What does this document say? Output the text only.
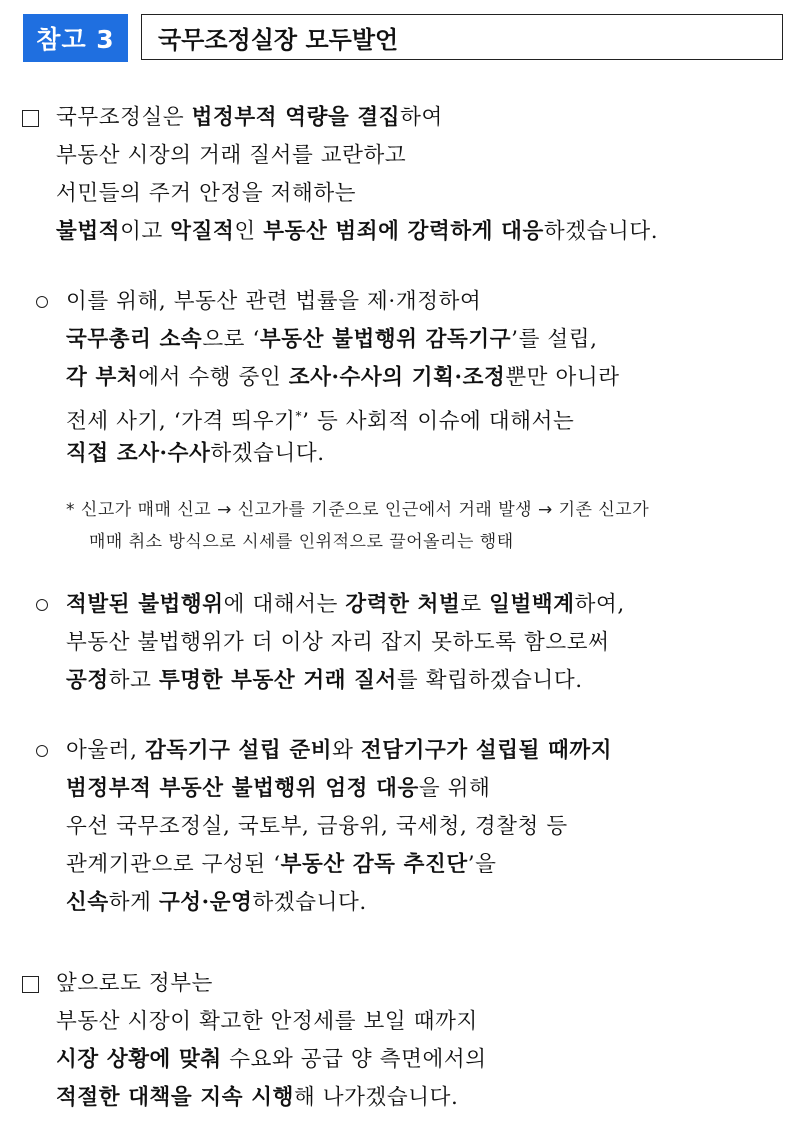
참고 3	국무조정실장 모두발언
국무조정실은 법정부적 역량을 결집하여
부동산 시장의 거래 질서를 교란하고
서민들의 주거 안정을 저해하는
불법적이고 악질적인 부동산 범죄에 강력하게 대응하겠습니다.
이를 위해, 부동산 관련 법률을 제·개정하여
국무총리 소속으로 ‘부동산 불법행위 감독기구’를 설립,
각 부처에서 수행 중인 조사·수사의 기획·조정뿐만 아니라
전세 사기, ‘가격 띄우기*’ 등 사회적 이슈에 대해서는
직접 조사·수사하겠습니다.
* 신고가 매매 신고 → 신고가를 기준으로 인근에서 거래 발생 → 기존 신고가
매매 취소 방식으로 시세를 인위적으로 끌어올리는 행태
적발된 불법행위에 대해서는 강력한 처벌로 일벌백계하여,
부동산 불법행위가 더 이상 자리 잡지 못하도록 함으로써
공정하고 투명한 부동산 거래 질서를 확립하겠습니다.
아울러, 감독기구 설립 준비와 전담기구가 설립될 때까지
범정부적 부동산 불법행위 엄정 대응을 위해
우선 국무조정실, 국토부, 금융위, 국세청, 경찰청 등
관계기관으로 구성된 ‘부동산 감독 추진단’을
신속하게 구성·운영하겠습니다.
앞으로도 정부는
부동산 시장이 확고한 안정세를 보일 때까지
시장 상황에 맞춰 수요와 공급 양 측면에서의
적절한 대책을 지속 시행해 나가겠습니다.
